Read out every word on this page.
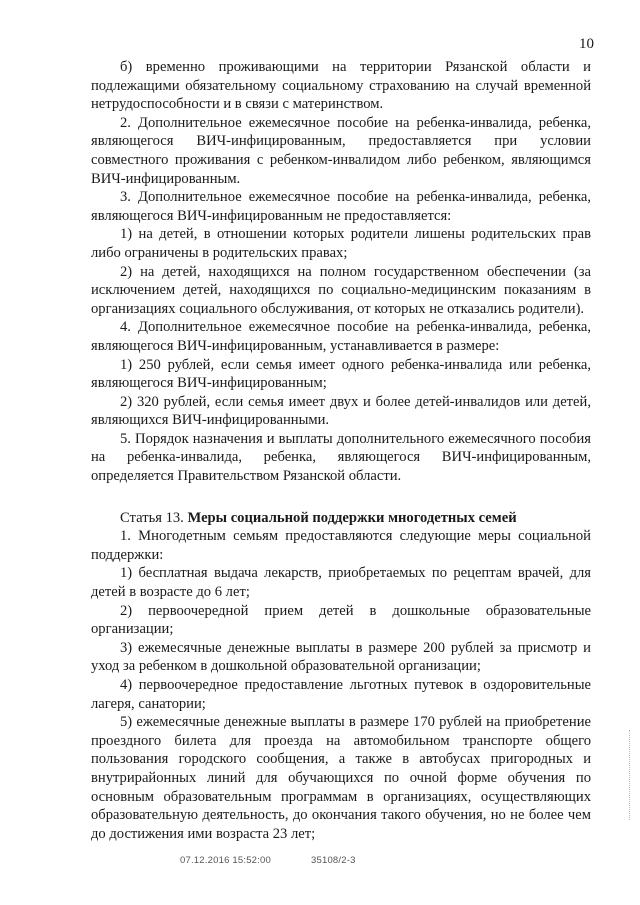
10

б) временно проживающими на территории Рязанской области и подлежащими обязательному социальному страхованию на случай временной нетрудоспособности и в связи с материнством.

2. Дополнительное ежемесячное пособие на ребенка-инвалида, ребенка, являющегося ВИЧ-инфицированным, предоставляется при условии совместного проживания с ребенком-инвалидом либо ребенком, являющимся ВИЧ-инфицированным.

3. Дополнительное ежемесячное пособие на ребенка-инвалида, ребенка, являющегося ВИЧ-инфицированным не предоставляется:

1) на детей, в отношении которых родители лишены родительских прав либо ограничены в родительских правах;

2) на детей, находящихся на полном государственном обеспечении (за исключением детей, находящихся по социально-медицинским показаниям в организациях социального обслуживания, от которых не отказались родители).

4. Дополнительное ежемесячное пособие на ребенка-инвалида, ребенка, являющегося ВИЧ-инфицированным, устанавливается в размере:

1) 250 рублей, если семья имеет одного ребенка-инвалида или ребенка, являющегося ВИЧ-инфицированным;

2) 320 рублей, если семья имеет двух и более детей-инвалидов или детей, являющихся ВИЧ-инфицированными.

5. Порядок назначения и выплаты дополнительного ежемесячного пособия на ребенка-инвалида, ребенка, являющегося ВИЧ-инфицированным, определяется Правительством Рязанской области.

Статья 13. Меры социальной поддержки многодетных семей

1. Многодетным семьям предоставляются следующие меры социальной поддержки:

1) бесплатная выдача лекарств, приобретаемых по рецептам врачей, для детей в возрасте до 6 лет;

2) первоочередной прием детей в дошкольные образовательные организации;

3) ежемесячные денежные выплаты в размере 200 рублей за присмотр и уход за ребенком в дошкольной образовательной организации;

4) первоочередное предоставление льготных путевок в оздоровительные лагеря, санатории;

5) ежемесячные денежные выплаты в размере 170 рублей на приобретение проездного билета для проезда на автомобильном транспорте общего пользования городского сообщения, а также в автобусах пригородных и внутрирайонных линий для обучающихся по очной форме обучения по основным образовательным программам в организациях, осуществляющих образовательную деятельность, до окончания такого обучения, но не более чем до достижения ими возраста 23 лет;

07.12.2016 15:52:00	35108/2-3
